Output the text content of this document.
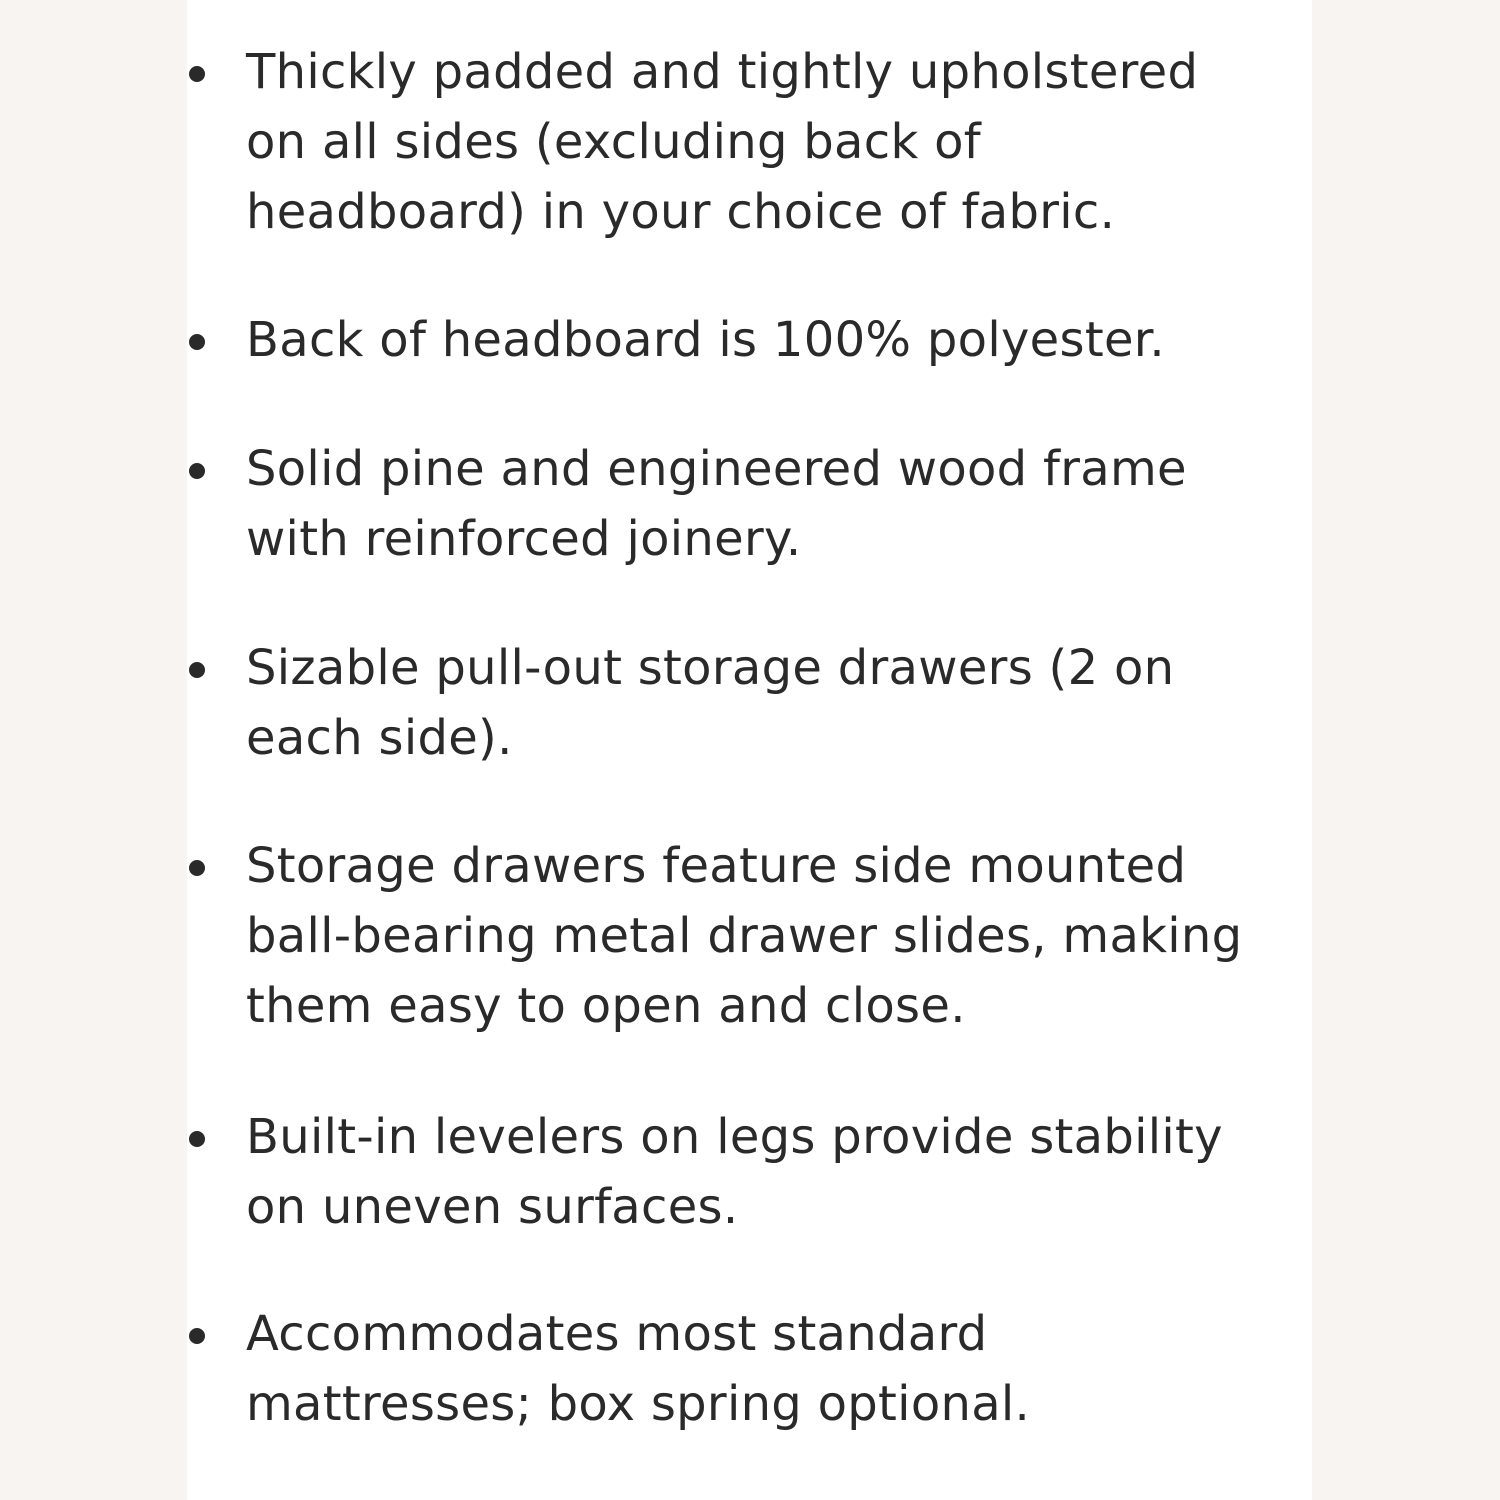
Thickly padded and tightly upholstered
on all sides (excluding back of
headboard) in your choice of fabric.
Back of headboard is 100% polyester.
Solid pine and engineered wood frame
with reinforced joinery.
Sizable pull-out storage drawers (2 on
each side).
Storage drawers feature side mounted
ball-bearing metal drawer slides, making
them easy to open and close.
Built-in levelers on legs provide stability
on uneven surfaces.
Accommodates most standard
mattresses; box spring optional.
